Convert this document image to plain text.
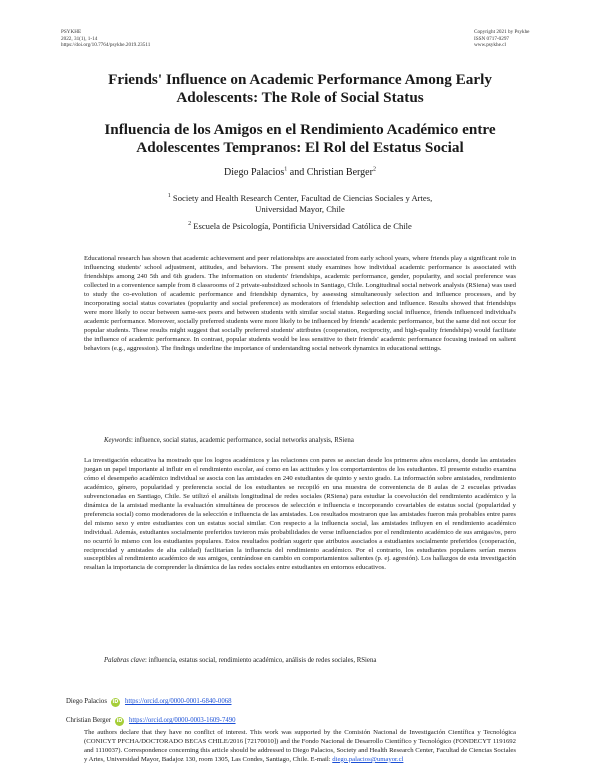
PSYKHE
2022, 31(1), 1-14
https://doi.org/10.7764/psykhe.2019.23511
Copyright 2021 by Psykhe
ISSN 0717-0297
www.psykhe.cl
Friends' Influence on Academic Performance Among Early
Adolescents: The Role of Social Status
Influencia de los Amigos en el Rendimiento Académico entre
Adolescentes Tempranos: El Rol del Estatus Social
Diego Palacios$^1$ and Christian Berger$^2$
$^1$ Society and Health Research Center, Facultad de Ciencias Sociales y Artes,
Universidad Mayor, Chile
$^2$ Escuela de Psicología, Pontificia Universidad Católica de Chile

Educational research has shown that academic achievement and peer relationships are associated from early school years, where friends play a significant role in influencing students' school adjustment, attitudes, and behaviors. The present study examines how individual academic performance is associated with friendships among 240 5th and 6th graders. The information on students' friendships, academic performance, gender, popularity, and social preference was collected in a convenience sample from 8 classrooms of 2 private-subsidized schools in Santiago, Chile. Longitudinal social network analysis (RSiena) was used to study the co-evolution of academic performance and friendship dynamics, by assessing simultaneously selection and influence processes, and by incorporating social status covariates (popularity and social preference) as moderators of friendship selection and influence. Results showed that friendships were more likely to occur between same-sex peers and between students with similar social status. Regarding social influence, friends influenced individual's academic performance. Moreover, socially preferred students were more likely to be influenced by friends' academic performance, but the same did not occur for popular students. These results might suggest that socially preferred students' attributes (cooperation, reciprocity, and high-quality friendships) would facilitate the influence of academic performance. In contrast, popular students would be less sensitive to their friends' academic performance focusing instead on salient behaviors (e.g., aggression). The findings underline the importance of understanding social network dynamics in educational settings.

Keywords: influence, social status, academic performance, social networks analysis, RSiena

La investigación educativa ha mostrado que los logros académicos y las relaciones con pares se asocian desde los primeros años escolares, donde las amistades juegan un papel importante al influir en el rendimiento escolar, así como en las actitudes y los comportamientos de los estudiantes. El presente estudio examina cómo el desempeño académico individual se asocia con las amistades en 240 estudiantes de quinto y sexto grado. La información sobre amistades, rendimiento académico, género, popularidad y preferencia social de los estudiantes se recopiló en una muestra de conveniencia de 8 aulas de 2 escuelas privadas subvencionadas en Santiago, Chile. Se utilizó el análisis longitudinal de redes sociales (RSiena) para estudiar la coevolución del rendimiento académico y la dinámica de la amistad mediante la evaluación simultánea de procesos de selección e influencia e incorporando covariables de estatus social (popularidad y preferencia social) como moderadores de la selección e influencia de las amistades. Los resultados mostraron que las amistades fueron más probables entre pares del mismo sexo y entre estudiantes con un estatus social similar. Con respecto a la influencia social, las amistades influyen en el rendimiento académico individual. Además, estudiantes socialmente preferidos tuvieron más probabilidades de verse influenciados por el rendimiento académico de sus amigas/os, pero no ocurrió lo mismo con los estudiantes populares. Estos resultados podrían sugerir que atributos asociados a estudiantes socialmente preferidos (cooperación, reciprocidad y amistades de alta calidad) facilitarían la influencia del rendimiento académico. Por el contrario, los estudiantes populares serían menos susceptibles al rendimiento académico de sus amigos, centrándose en cambio en comportamientos salientes (p. ej. agresión). Los hallazgos de esta investigación resaltan la importancia de comprender la dinámica de las redes sociales entre estudiantes en entornos educativos.

Palabras clave: influencia, estatus social, rendimiento académico, análisis de redes sociales, RSiena
Diego Palacios	iD https://orcid.org/0000-0001-6840-0068
Christian Berger	iD https://orcid.org/0000-0003-1609-7490

The authors declare that they have no conflict of interest. This work was supported by the Comisión Nacional de Investigación Científica y Tecnológica (CONICYT PFCHA/DOCTORADO BECAS CHILE/2016 [72170010]) and the Fondo Nacional de Desarrollo Científico y Tecnológico (FONDECYT 1191692 and 1110037). Correspondence concerning this article should be addressed to Diego Palacios, Society and Health Research Center, Facultad de Ciencias Sociales y Artes, Universidad Mayor, Badajoz 130, room 1305, Las Condes, Santiago, Chile. E-mail: diego.palacios@umayor.cl
